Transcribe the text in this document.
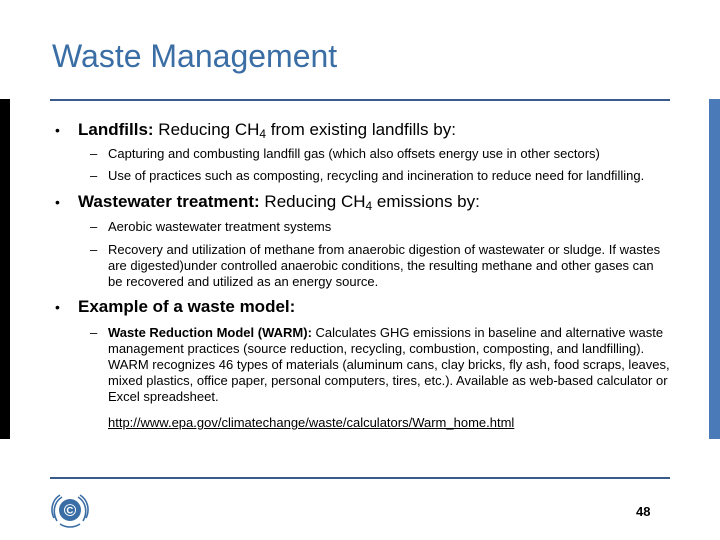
Waste Management
• Landfills: Reducing $CH_4$ from existing landfills by:
– Capturing and combusting landfill gas (which also offsets energy use in other sectors)
– Use of practices such as composting, recycling and incineration to reduce need for landfilling.
• Wastewater treatment: Reducing $CH_4$ emissions by:
– Aerobic wastewater treatment systems
– Recovery and utilization of methane from anaerobic digestion of wastewater or sludge. If wastes are digested)under controlled anaerobic conditions, the resulting methane and other gases can be recovered and utilized as an energy source.
• Example of a waste model:
– Waste Reduction Model (WARM): Calculates GHG emissions in baseline and alternative waste management practices (source reduction, recycling, combustion, composting, and landfilling). WARM recognizes 46 types of materials (aluminum cans, clay bricks, fly ash, food scraps, leaves, mixed plastics, office paper, personal computers, tires, etc.). Available as web-based calculator or Excel spreadsheet.
http://www.epa.gov/climatechange/waste/calculators/Warm_home.html
©	48
